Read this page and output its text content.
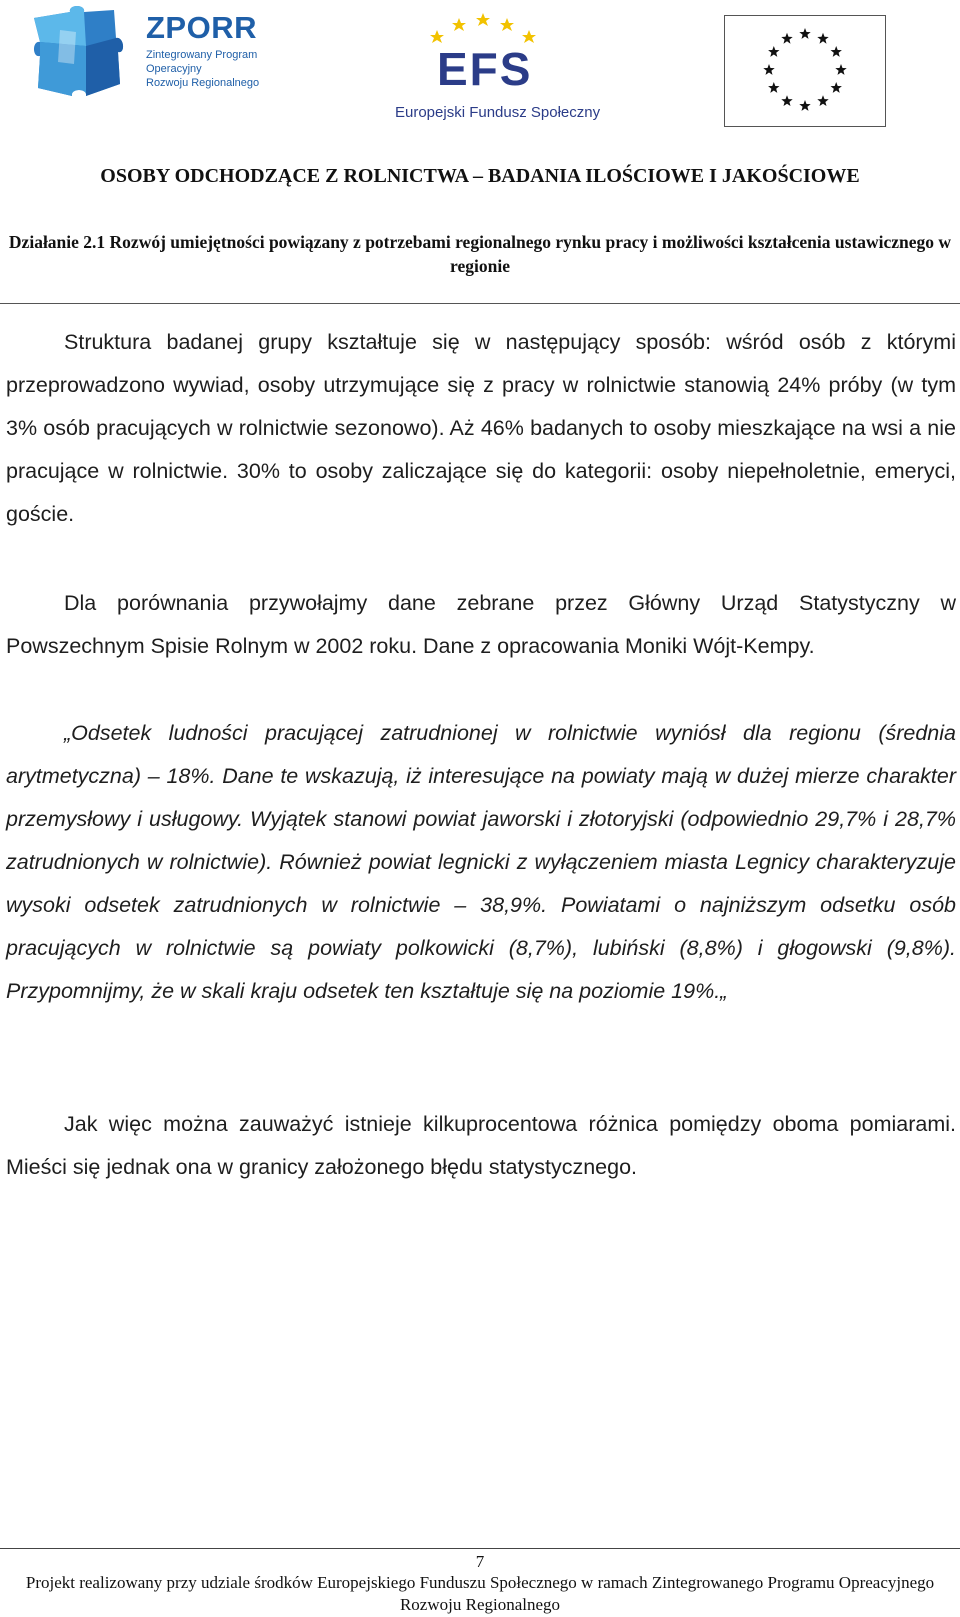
ZPORR
Zintegrowany Program
Operacyjny
Rozwoju Regionalnego	EFS
Europejski Fundusz Społeczny
OSOBY ODCHODZĄCE Z ROLNICTWA – BADANIA ILOŚCIOWE I JAKOŚCIOWE
Działanie 2.1 Rozwój umiejętności powiązany z potrzebami regionalnego rynku pracy i możliwości kształcenia ustawicznego w regionie

Struktura badanej grupy kształtuje się w następujący sposób: wśród osób z którymi przeprowadzono wywiad, osoby utrzymujące się z pracy w rolnictwie stanowią 24% próby (w tym 3% osób pracujących w rolnictwie sezonowo). Aż 46% badanych to osoby mieszkające na wsi a nie pracujące w rolnictwie. 30% to osoby zaliczające się do kategorii: osoby niepełnoletnie, emeryci, goście.

Dla porównania przywołajmy dane zebrane przez Główny Urząd Statystyczny w Powszechnym Spisie Rolnym w 2002 roku. Dane z opracowania Moniki Wójt-Kempy.

„Odsetek ludności pracującej zatrudnionej w rolnictwie wyniósł dla regionu (średnia arytmetyczna) – 18%. Dane te wskazują, iż interesujące na powiaty mają w dużej mierze charakter przemysłowy i usługowy. Wyjątek stanowi powiat jaworski i złotoryjski (odpowiednio 29,7% i 28,7% zatrudnionych w rolnictwie). Również powiat legnicki z wyłączeniem miasta Legnicy charakteryzuje wysoki odsetek zatrudnionych w rolnictwie – 38,9%. Powiatami o najniższym odsetku osób pracujących w rolnictwie są powiaty polkowicki (8,7%), lubiński (8,8%) i głogowski (9,8%). Przypomnijmy, że w skali kraju odsetek ten kształtuje się na poziomie 19%.„

Jak więc można zauważyć istnieje kilkuprocentowa różnica pomiędzy oboma pomiarami. Mieści się jednak ona w granicy założonego błędu statystycznego.

7
Projekt realizowany przy udziale środków Europejskiego Funduszu Społecznego w ramach Zintegrowanego Programu Opreacyjnego Rozwoju Regionalnego
